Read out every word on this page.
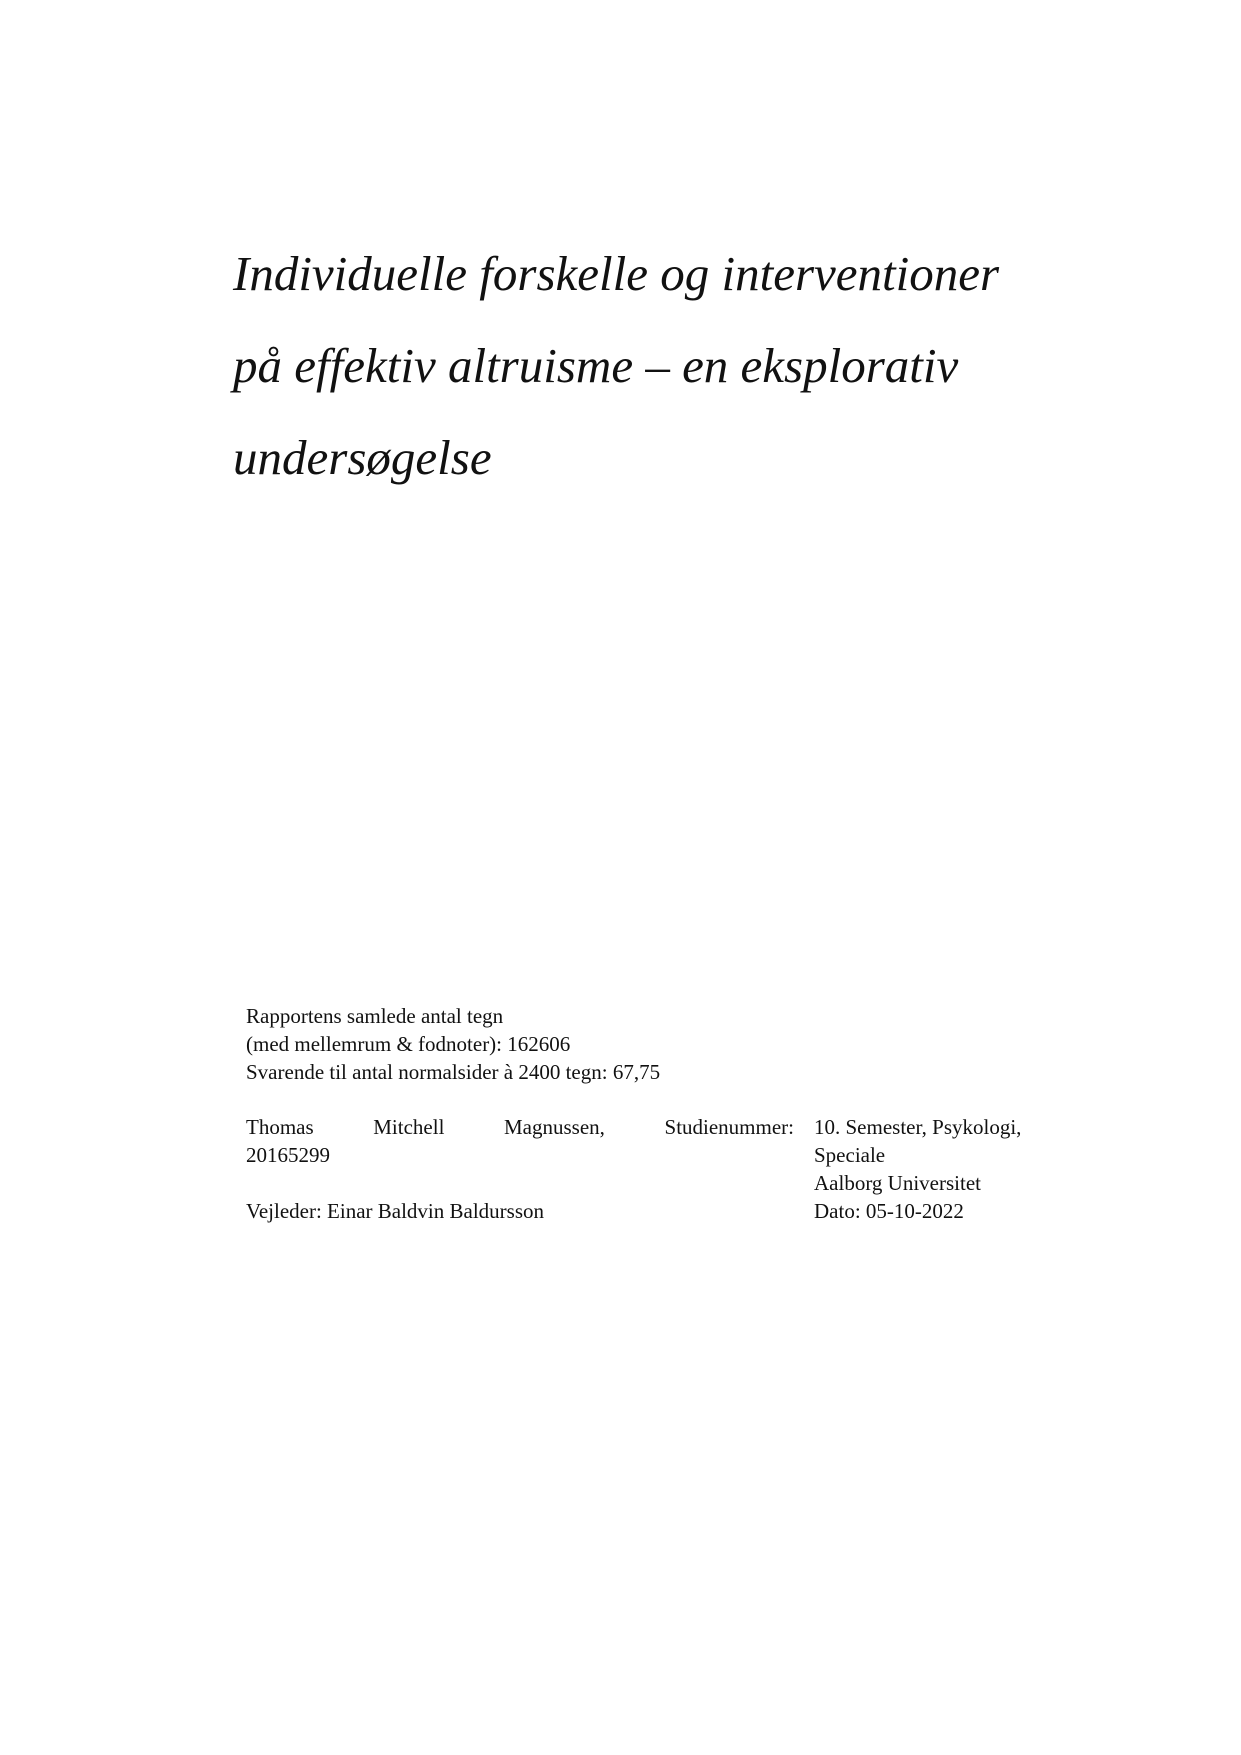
Individuelle forskelle og interventioner
på effektiv altruisme – en eksplorativ
undersøgelse
Rapportens samlede antal tegn
(med mellemrum & fodnoter): 162606
Svarende til antal normalsider à 2400 tegn: 67,75
Thomas Mitchell Magnussen, Studienummer:
20165299
Vejleder: Einar Baldvin Baldursson
10. Semester, Psykologi,
Speciale
Aalborg Universitet
Dato: 05-10-2022
